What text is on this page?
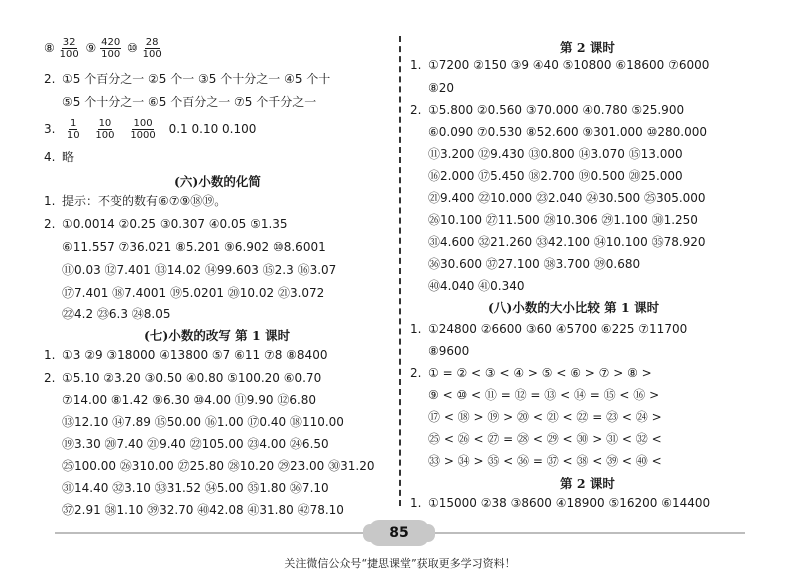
⑧ $\frac{32}{100}$ ⑨ $\frac{420}{100}$ ⑩ $\frac{28}{100}$
2. ①5 个百分之一 ②5 个一 ③5 个十分之一 ④5 个十
⑤5 个十分之一 ⑥5 个百分之一 ⑦5 个千分之一
3. $\frac{1}{10}$
$\frac{10}{100}$
$\frac{100}{1000} 0.1$ 0.10 0.100
4. 略
(六)小数的化简
1. 提示：不变的数有⑥⑦⑨⑱⑲。
2. ①0.0014 ②0.25 ③0.307 ④0.05 ⑤1.35
⑥11.557 ⑦36.021 ⑧5.201 ⑨6.902 ⑩8.6001
⑪0.03 ⑫7.401 ⑬14.02 ⑭99.603 ⑮2.3 ⑯3.07
⑰7.401 ⑱7.4001 ⑲5.0201 ⑳10.02 ㉑3.072
㉒4.2 ㉓6.3 ㉔8.05
(七)小数的改写 第 1 课时
1. ①3 ②9 ③18000 ④13800 ⑤7 ⑥11 ⑦8 ⑧8400
2. ①5.10 ②3.20 ③0.50 ④0.80 ⑤100.20 ⑥0.70
⑦14.00 ⑧1.42 ⑨6.30 ⑩4.00 ⑪9.90 ⑫6.80
⑬12.10 ⑭7.89 ⑮50.00 ⑯1.00 ⑰0.40 ⑱110.00
⑲3.30 ⑳7.40 ㉑9.40 ㉒105.00 ㉓4.00 ㉔6.50
㉕100.00 ㉖310.00 ㉗25.80 ㉘10.20 ㉙23.00 ㉚31.20
㉛14.40 ㉜3.10 ㉝31.52 ㉞5.00 ㉟1.80 ㊱7.10
㊲2.91 ㊳1.10 ㊴32.70 ㊵42.08 ㊶31.80 ㊷78.10
第 2 课时
1. ①7200 ②150 ③9 ④40 ⑤10800 ⑥18600 ⑦6000
⑧20
2. ①5.800 ②0.560 ③70.000 ④0.780 ⑤25.900
⑥0.090 ⑦0.530 ⑧52.600 ⑨301.000 ⑩280.000
⑪3.200 ⑫9.430 ⑬0.800 ⑭3.070 ⑮13.000
⑯2.000 ⑰5.450 ⑱2.700 ⑲0.500 ⑳25.000
㉑9.400 ㉒10.000 ㉓2.040 ㉔30.500 ㉕305.000
㉖10.100 ㉗11.500 ㉘10.306 ㉙1.100 ㉚1.250
㉛4.600 ㉜21.260 ㉝42.100 ㉞10.100 ㉟78.920
㊱30.600 ㊲27.100 ㊳3.700 ㊴0.680
㊵4.040 ㊶0.340
(八)小数的大小比较 第 1 课时
1. ①24800 ②6600 ③60 ④5700 ⑥225 ⑦11700
⑧9600
2. ① = ② < ③ < ④ > ⑤ < ⑥ > ⑦ > ⑧ >
⑨ < ⑩ < ⑪ = ⑫ = ⑬ < ⑭ = ⑮ < ⑯ >
⑰ < ⑱ > ⑲ > ⑳ < ㉑ < ㉒ = ㉓ < ㉔ >
㉕ < ㉖ < ㉗ = ㉘ < ㉙ < ㉚ > ㉛ < ㉜ <
㉝ > ㉞ > ㉟ < ㊱ = ㊲ < ㊳ < ㊴ < ㊵ <
第 2 课时
1. ①15000 ②38 ③8600 ④18900 ⑤16200 ⑥14400
85
关注微信公众号“捷思课堂”获取更多学习资料！
